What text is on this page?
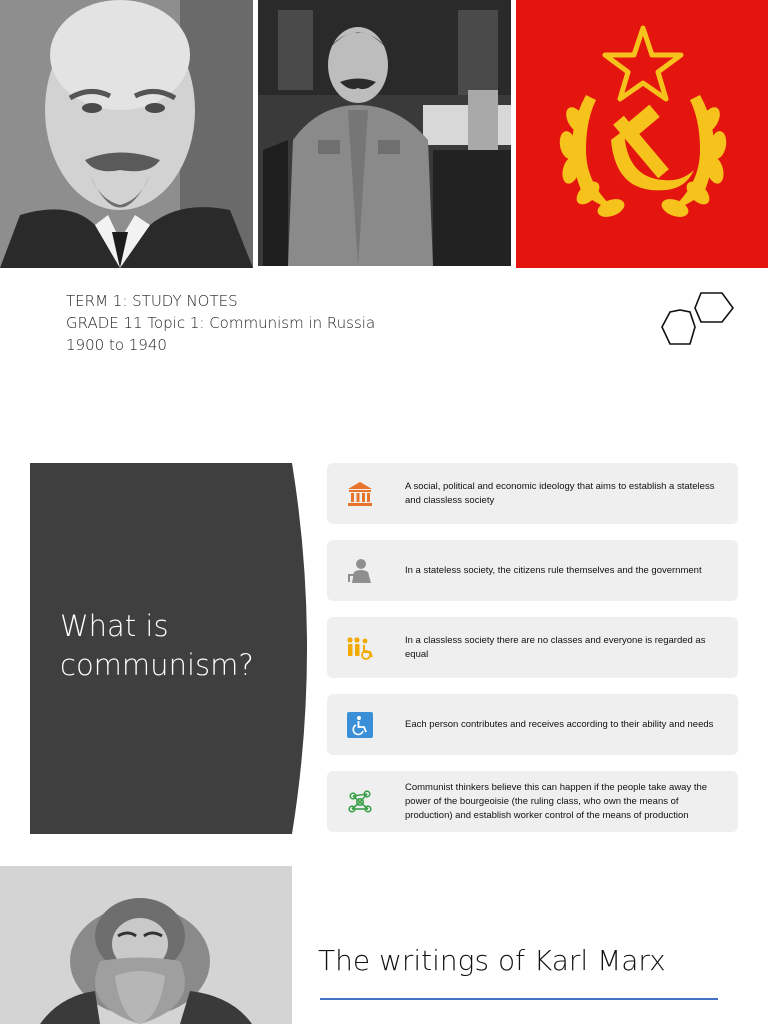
TERM 1: STUDY NOTES
GRADE 11 Topic 1: Communism in Russia
1900 to 1940
What is
communism?
A social, political and economic ideology that aims to establish a stateless and classless society
In a stateless society, the citizens rule themselves and the government
In a classless society there are no classes and everyone is regarded as equal
Each person contributes and receives according to their ability and needs
Communist thinkers believe this can happen if the people take away the power of the bourgeoisie (the ruling class, who own the means of production) and establish worker control of the means of production
The writings of Karl Marx
